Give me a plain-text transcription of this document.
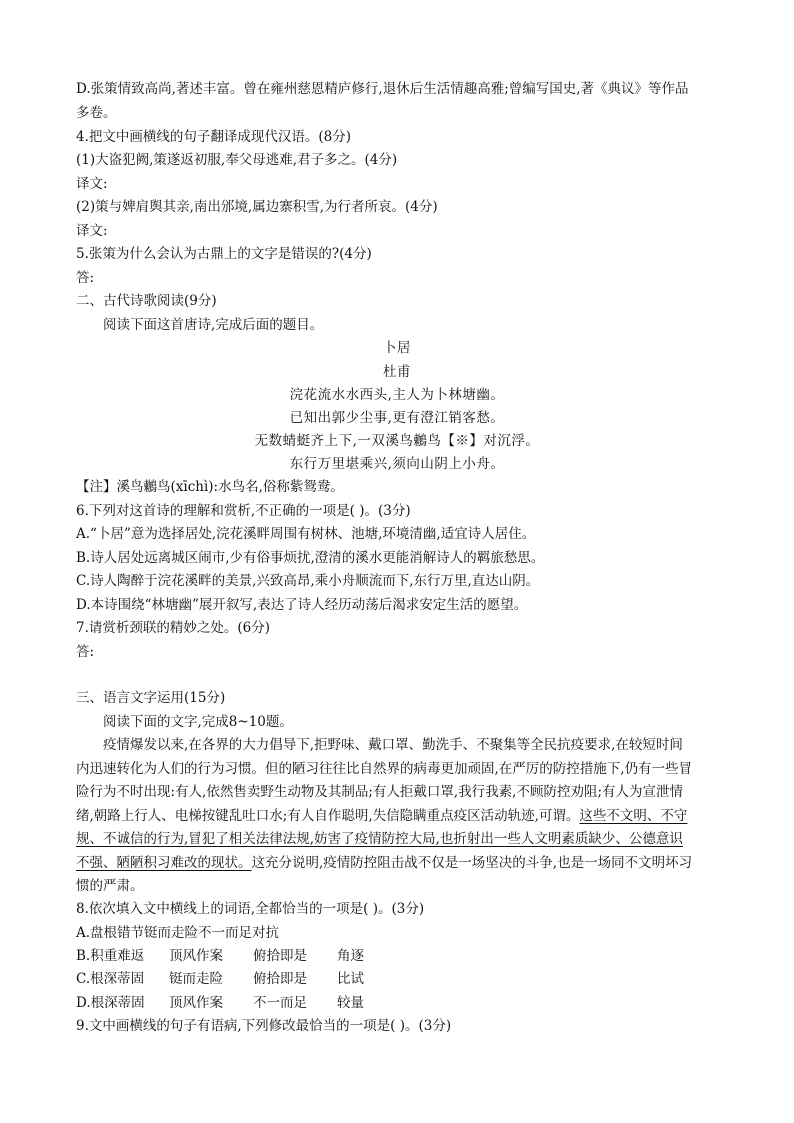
D.张策情致高尚,著述丰富。曾在雍州慈恩精庐修行,退休后生活情趣高雅;曾编写国史,著《典议》等作品
多卷。
4.把文中画横线的句子翻译成现代汉语。(8分)
(1)大盗犯阙,策遂返初服,奉父母逃难,君子多之。(4分)
译文:
(2)策与婢肩舆其亲,南出邠境,属边寨积雪,为行者所哀。(4分)
译文:
5.张策为什么会认为古鼎上的文字是错误的?(4分)
答:
二、古代诗歌阅读(9分)
阅读下面这首唐诗,完成后面的题目。
卜居
杜甫
浣花流水水西头,主人为卜林塘幽。
已知出郭少尘事,更有澄江销客愁。
无数蜻蜓齐上下,一双溪鸟鶒鸟【※】对沉浮。
东行万里堪乘兴,须向山阴上小舟。
【注】溪鸟鶒鸟(xīchì):水鸟名,俗称紫鸳鸯。
6.下列对这首诗的理解和赏析,不正确的一项是( )。(3分)
A.“卜居”意为选择居处,浣花溪畔周围有树林、池塘,环境清幽,适宜诗人居住。
B.诗人居处远离城区闹市,少有俗事烦扰,澄清的溪水更能消解诗人的羁旅愁思。
C.诗人陶醉于浣花溪畔的美景,兴致高昂,乘小舟顺流而下,东行万里,直达山阴。
D.本诗围绕“林塘幽”展开叙写,表达了诗人经历动荡后渴求安定生活的愿望。
7.请赏析颈联的精妙之处。(6分)
答:
三、语言文字运用(15分)
阅读下面的文字,完成8~10题。
疫情爆发以来,在各界的大力倡导下,拒野味、戴口罩、勤洗手、不聚集等全民抗疫要求,在较短时间
内迅速转化为人们的行为习惯。但的陋习往往比自然界的病毒更加顽固,在严厉的防控措施下,仍有一些冒
险行为不时出现:有人,依然售卖野生动物及其制品;有人拒戴口罩,我行我素,不顾防控劝阻;有人为宣泄情
绪,朝路上行人、电梯按键乱吐口水;有人自作聪明,失信隐瞒重点疫区活动轨迹,可谓。这些不文明、不守
规、不诚信的行为,冒犯了相关法律法规,妨害了疫情防控大局,也折射出一些人文明素质缺少、公德意识
不强、陋陋积习难改的现状。这充分说明,疫情防控阻击战不仅是一场坚决的斗争,也是一场同不文明坏习
惯的严肃。
8.依次填入文中横线上的词语,全都恰当的一项是( )。(3分)
A.盘根错节铤而走险不一而足对抗
B.积重难返 顶风作案 俯拾即是 角逐
C.根深蒂固 铤而走险 俯拾即是 比试
D.根深蒂固 顶风作案 不一而足 较量
9.文中画横线的句子有语病,下列修改最恰当的一项是( )。(3分)
